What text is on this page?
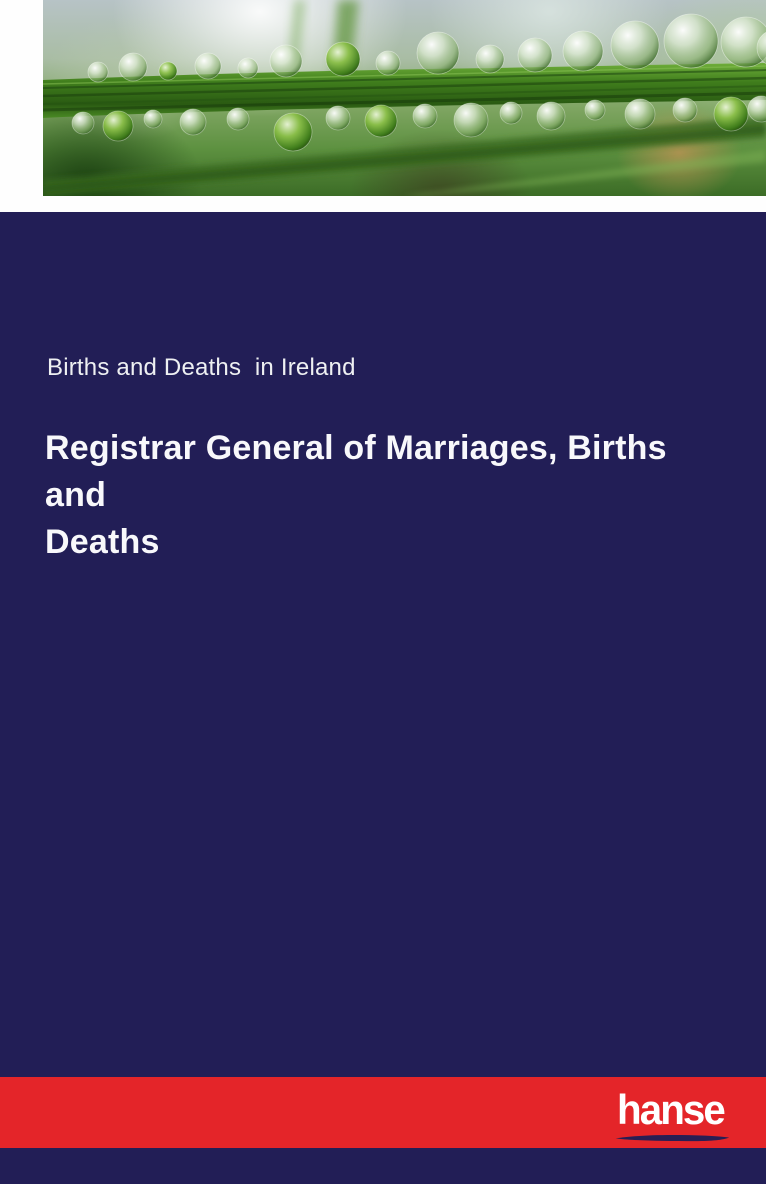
Births and Deaths  in Ireland
Registrar General of Marriages, Births and
Deaths
hanse
